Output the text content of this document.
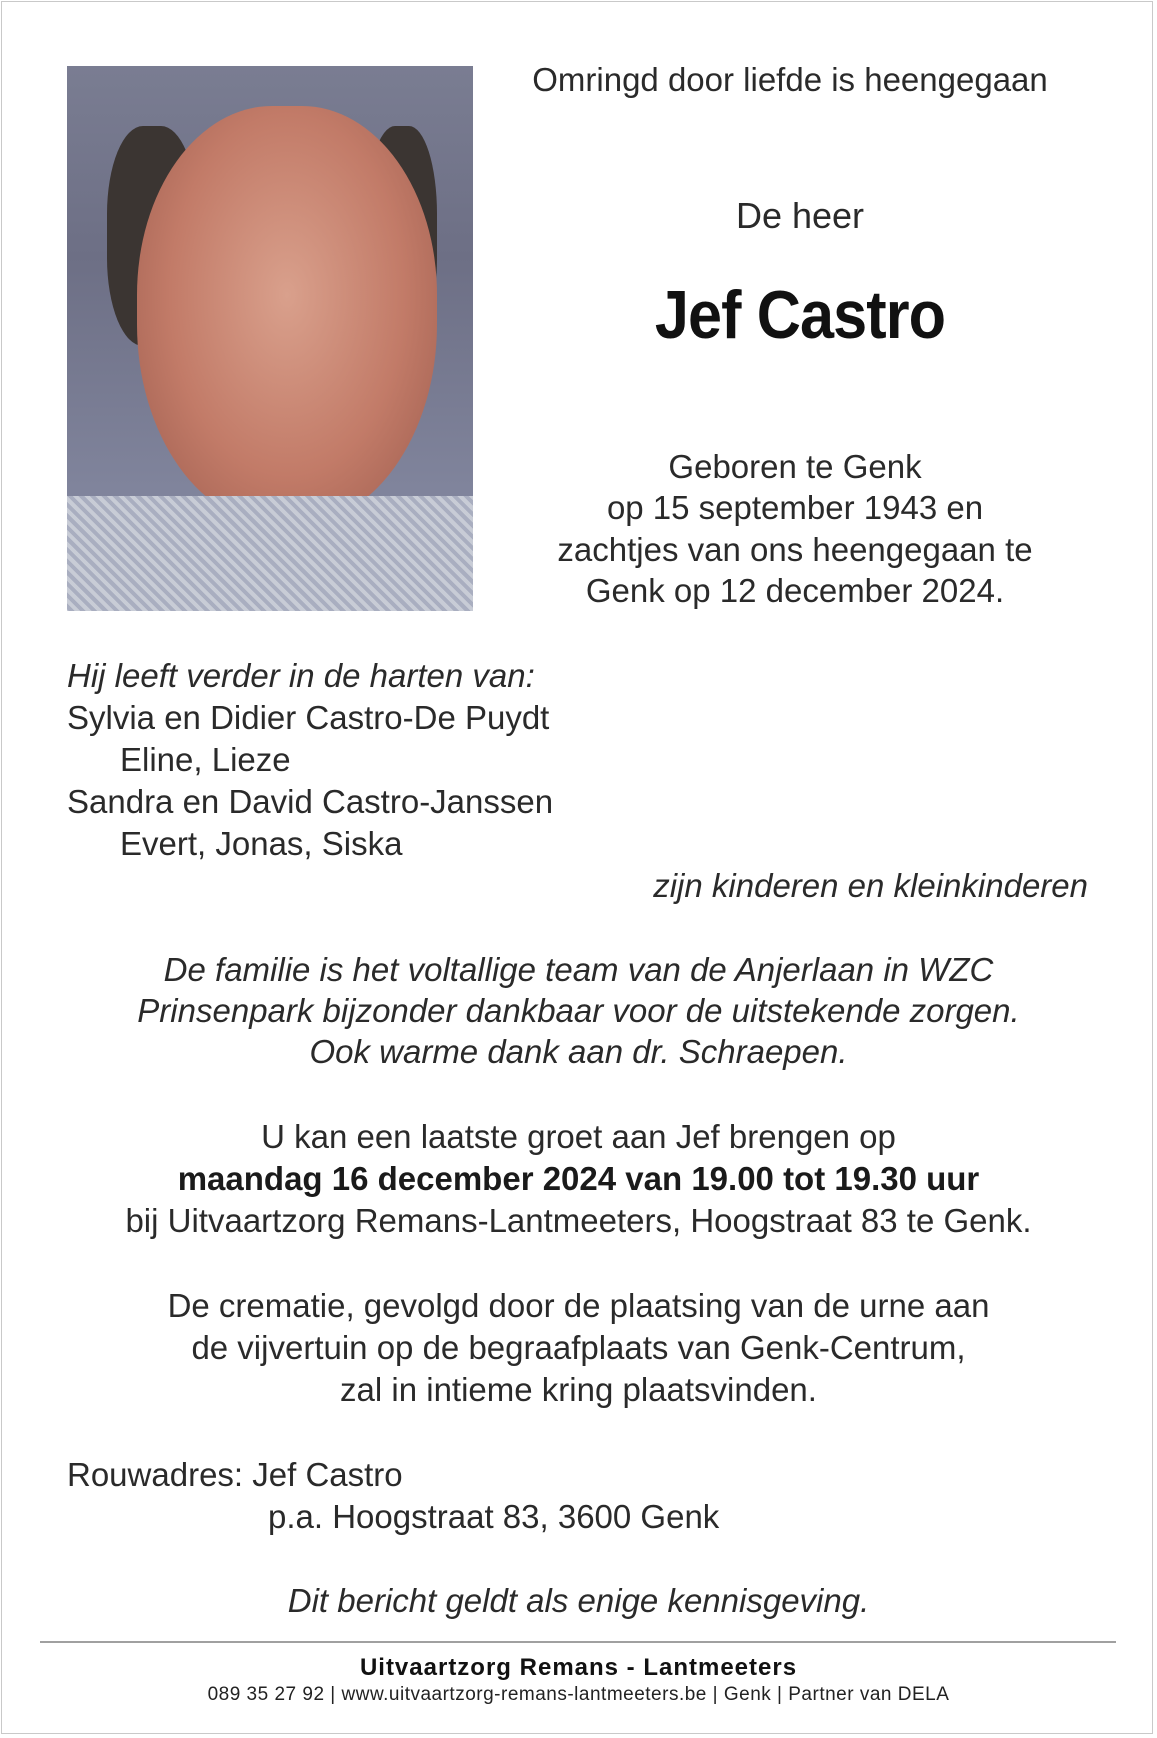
Omringd door liefde is heengegaan
De heer
Jef Castro
Geboren te Genk
op 15 september 1943 en
zachtjes van ons heengegaan te
Genk op 12 december 2024.
Hij leeft verder in de harten van:
Sylvia en Didier Castro-De Puydt
Eline, Lieze
Sandra en David Castro-Janssen
Evert, Jonas, Siska
zijn kinderen en kleinkinderen
De familie is het voltallige team van de Anjerlaan in WZC
Prinsenpark bijzonder dankbaar voor de uitstekende zorgen.
Ook warme dank aan dr. Schraepen.
U kan een laatste groet aan Jef brengen op
maandag 16 december 2024 van 19.00 tot 19.30 uur
bij Uitvaartzorg Remans-Lantmeeters, Hoogstraat 83 te Genk.
De crematie, gevolgd door de plaatsing van de urne aan
de vijvertuin op de begraafplaats van Genk-Centrum,
zal in intieme kring plaatsvinden.
Rouwadres: Jef Castro
p.a. Hoogstraat 83, 3600 Genk
Dit bericht geldt als enige kennisgeving.
Uitvaartzorg Remans - Lantmeeters
089 35 27 92 | www.uitvaartzorg-remans-lantmeeters.be | Genk | Partner van DELA
